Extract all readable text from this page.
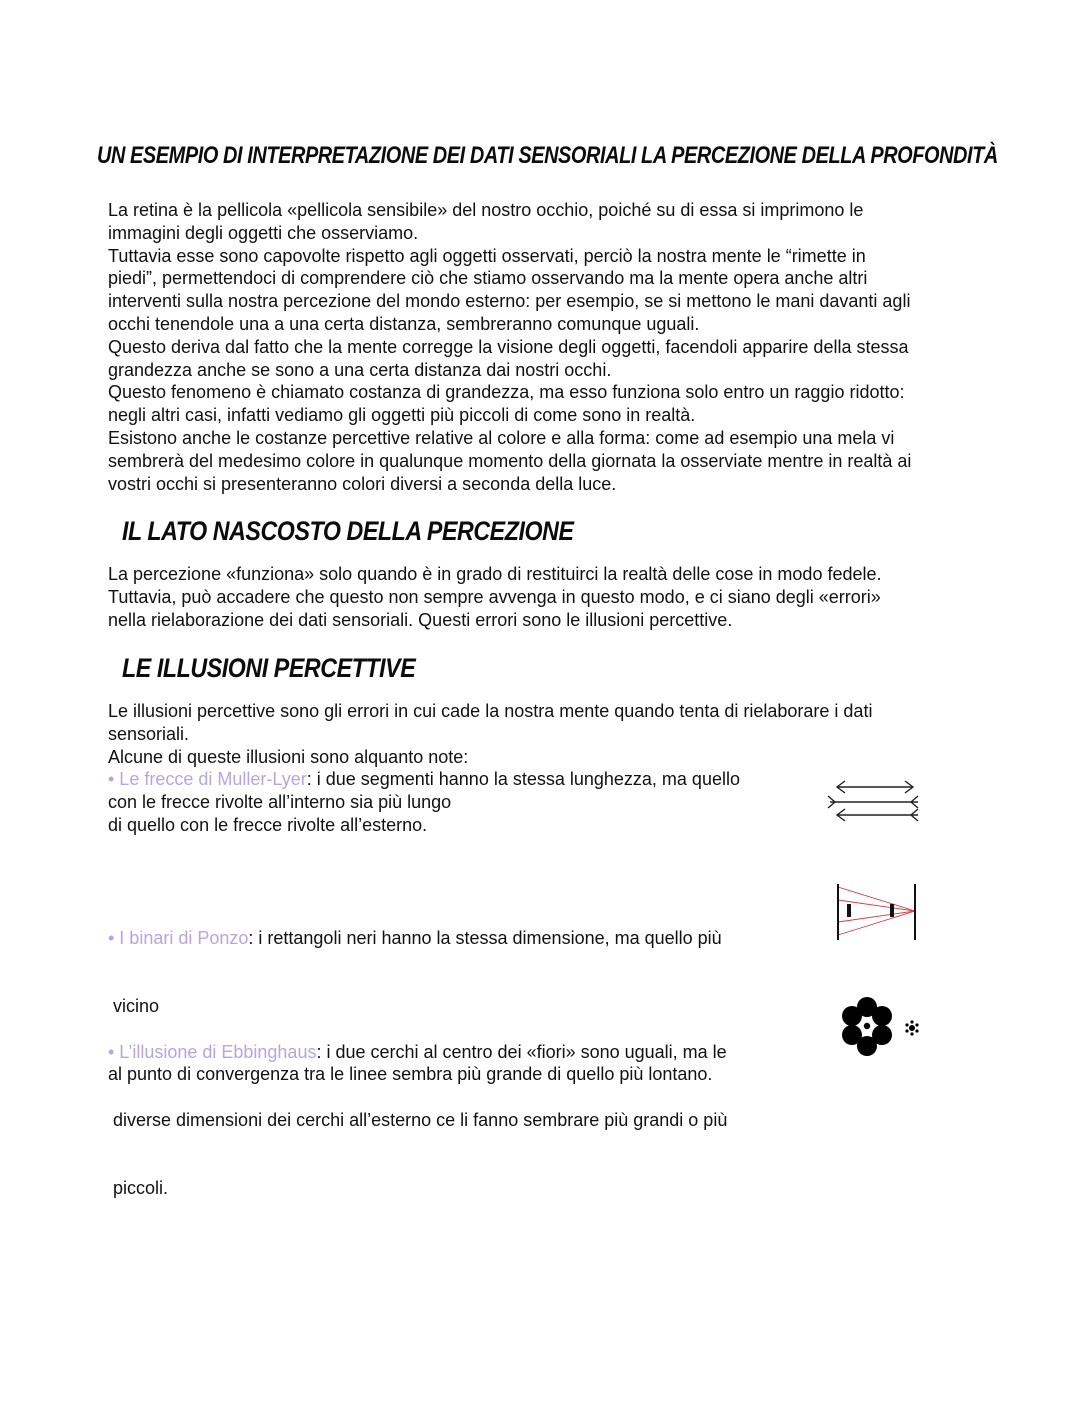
UN ESEMPIO DI INTERPRETAZIONE DEI DATI SENSORIALI LA PERCEZIONE DELLA PROFONDITÀ
La retina è la pellicola «pellicola sensibile» del nostro occhio, poiché su di essa si imprimono le
immagini degli oggetti che osserviamo.
Tuttavia esse sono capovolte rispetto agli oggetti osservati, perciò la nostra mente le “rimette in
piedi”, permettendoci di comprendere ciò che stiamo osservando ma la mente opera anche altri
interventi sulla nostra percezione del mondo esterno: per esempio, se si mettono le mani davanti agli
occhi tenendole una a una certa distanza, sembreranno comunque uguali.
Questo deriva dal fatto che la mente corregge la visione degli oggetti, facendoli apparire della stessa
grandezza anche se sono a una certa distanza dai nostri occhi.
Questo fenomeno è chiamato costanza di grandezza, ma esso funziona solo entro un raggio ridotto:
negli altri casi, infatti vediamo gli oggetti più piccoli di come sono in realtà.
Esistono anche le costanze percettive relative al colore e alla forma: come ad esempio una mela vi
sembrerà del medesimo colore in qualunque momento della giornata la osserviate mentre in realtà ai
vostri occhi si presenteranno colori diversi a seconda della luce.
IL LATO NASCOSTO DELLA PERCEZIONE
La percezione «funziona» solo quando è in grado di restituirci la realtà delle cose in modo fedele.
Tuttavia, può accadere che questo non sempre avvenga in questo modo, e ci siano degli «errori»
nella rielaborazione dei dati sensoriali. Questi errori sono le illusioni percettive.
LE ILLUSIONI PERCETTIVE
Le illusioni percettive sono gli errori in cui cade la nostra mente quando tenta di rielaborare i dati
sensoriali.
Alcune di queste illusioni sono alquanto note:
• Le frecce di Muller-Lyer: i due segmenti hanno la stessa lunghezza, ma quello
con le frecce rivolte all’interno sia più lungo
di quello con le frecce rivolte all’esterno.

• I binari di Ponzo: i rettangoli neri hanno la stessa dimensione, ma quello più

vicino

al punto di convergenza tra le linee sembra più grande di quello più lontano.

• L’illusione di Ebbinghaus: i due cerchi al centro dei «fiori» sono uguali, ma le

diverse dimensioni dei cerchi all’esterno ce li fanno sembrare più grandi o più

piccoli.
